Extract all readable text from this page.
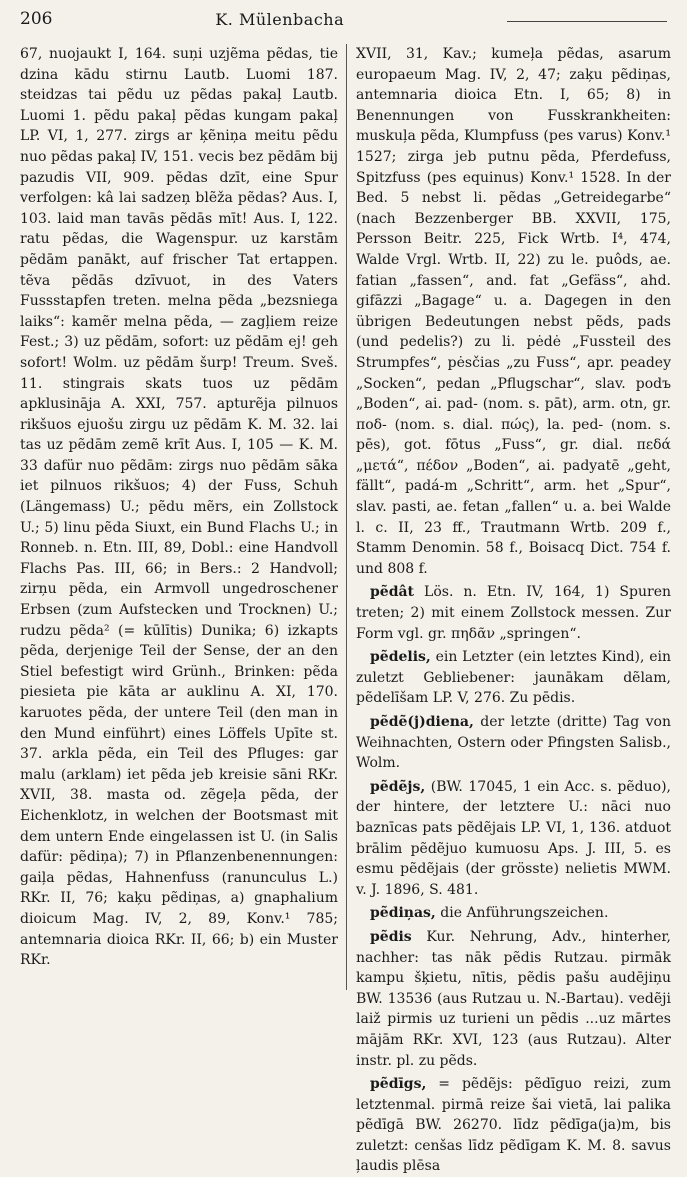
206	K. Mülenbacha

67, nuojaukt I, 164. suņi uzjẽma pẽdas, tie dzina kādu stirnu Lautb. Luomi 187. steidzas tai pẽdu uz pẽdas pakaļ Lautb. Luomi 1. pẽdu pakaļ pẽdas kungam pakaļ LP. VI, 1, 277. zirgs ar ķẽniņa meitu pẽdu nuo pẽdas pakaļ IV, 151. vecis bez pẽdām bij pazudis VII, 909. pẽdas dzīt, eine Spur verfolgen: kâ lai sadzeņ blẽža pẽdas? Aus. I, 103. laid man tavās pẽdās mīt! Aus. I, 122. ratu pẽdas, die Wagenspur. uz karstām pẽdām panākt, auf frischer Tat ertappen. tẽva pẽdās dzīvuot, in des Vaters Fussstapfen treten. melna pẽda „bezsniega laiks“: kamẽr melna pẽda, — zagļiem reize Fest.; 3) uz pẽdām, sofort: uz pẽdām ej! geh sofort! Wolm. uz pẽdām šurp! Treum. Sveš. 11. stingrais skats tuos uz pẽdām apklusināja A. XXI, 757. apturẽja pilnuos rikšuos ejuošu zirgu uz pẽdām K. M. 32. lai tas uz pẽdām zemẽ krīt Aus. I, 105 — K. M. 33 dafür nuo pẽdām: zirgs nuo pẽdām sāka iet pilnuos rikšuos; 4) der Fuss, Schuh (Längemass) U.; pẽdu mẽrs, ein Zollstock U.; 5) linu pẽda Siuxt, ein Bund Flachs U.; in Ronneb. n. Etn. III, 89, Dobl.: eine Handvoll Flachs Pas. III, 66; in Bers.: 2 Handvoll; zirņu pẽda, ein Armvoll ungedroschener Erbsen (zum Aufstecken und Trocknen) U.; rudzu pẽda² (= kūlītis) Dunika; 6) izkapts pẽda, derjenige Teil der Sense, der an den Stiel befestigt wird Grünh., Brinken: pẽda piesieta pie kāta ar auklinu A. XI, 170. karuotes pẽda, der untere Teil (den man in den Mund einführt) eines Löffels Upīte st. 37. arkla pẽda, ein Teil des Pfluges: gar malu (arklam) iet pẽda jeb kreisie sāni RKr. XVII, 38. masta od. zẽgeļa pẽda, der Eichenklotz, in welchen der Bootsmast mit dem untern Ende eingelassen ist U. (in Salis dafür: pẽdiņa); 7) in Pflanzenbenennungen: gaiļa pẽdas, Hahnenfuss (ranunculus L.) RKr. II, 76; kaķu pẽdiņas, a) gnaphalium dioicum Mag. IV, 2, 89, Konv.¹ 785; antemnaria dioica RKr. II, 66; b) ein Muster RKr.

XVII, 31, Kav.; kumeļa pẽdas, asarum europaeum Mag. IV, 2, 47; zaķu pẽdiņas, antemnaria dioica Etn. I, 65; 8) in Benennungen von Fusskrankheiten: muskuļa pẽda, Klumpfuss (pes varus) Konv.¹ 1527; zirga jeb putnu pẽda, Pferdefuss, Spitzfuss (pes equinus) Konv.¹ 1528. In der Bed. 5 nebst li. pẽdas „Getreidegarbe“ (nach Bezzenberger BB. XXVII, 175, Persson Beitr. 225, Fick Wrtb. I⁴, 474, Walde Vrgl. Wrtb. II, 22) zu le. puôds, ae. fatian „fassen“, and. fat „Gefäss“, ahd. gifāzzi „Bagage“ u. a. Dagegen in den übrigen Bedeutungen nebst pẽds, pads (und pedelis?) zu li. pėdė „Fussteil des Strumpfes“, pėsčias „zu Fuss“, apr. peadey „Socken“, pedan „Pflugschar“, slav. podъ „Boden“, ai. pad- (nom. s. pāt), arm. otn, gr. ποδ- (nom. s. dial. πώς), la. ped- (nom. s. pēs), got. fōtus „Fuss“, gr. dial. πεδά „μετά“, πέδον „Boden“, ai. padyatē „geht, fällt“, padá-m „Schritt“, arm. het „Spur“, slav. pasti, ae. fetan „fallen“ u. a. bei Walde l. c. II, 23 ff., Trautmann Wrtb. 209 f., Stamm Denomin. 58 f., Boisacq Dict. 754 f. und 808 f.

pẽdât Lös. n. Etn. IV, 164, 1) Spuren treten; 2) mit einem Zollstock messen. Zur Form vgl. gr. πηδᾶν „springen“.

pẽdelis, ein Letzter (ein letztes Kind), ein zuletzt Gebliebener: jaunākam dẽlam, pẽdelīšam LP. V, 276. Zu pēdis.

pẽdẽ(j)diena, der letzte (dritte) Tag von Weihnachten, Ostern oder Pfingsten Salisb., Wolm.

pẽdẽjs, (BW. 17045, 1 ein Acc. s. pẽduo), der hintere, der letztere U.: nāci nuo baznīcas pats pẽdẽjais LP. VI, 1, 136. atduot brālim pẽdẽjuo kumuosu Aps. J. III, 5. es esmu pẽdẽjais (der grösste) nelietis MWM. v. J. 1896, S. 481.

pẽdiņas, die Anführungszeichen.

pẽdis Kur. Nehrung, Adv., hinterher, nachher: tas nāk pẽdis Rutzau. pirmāk kampu šķietu, nītis, pẽdis pašu audējiņu BW. 13536 (aus Rutzau u. N.-Bartau). vedẽji laiž pirmis uz turieni un pẽdis ...uz mārtes mājām RKr. XVI, 123 (aus Rutzau). Alter instr. pl. zu pẽds.

pẽdīgs, = pẽdẽjs: pẽdīguo reizi, zum letztenmal. pirmā reize šai vietā, lai palika pẽdīgā BW. 26270. līdz pẽdīga(ja)m, bis zuletzt: cenšas līdz pẽdīgam K. M. 8. savus ļaudis plēsa
